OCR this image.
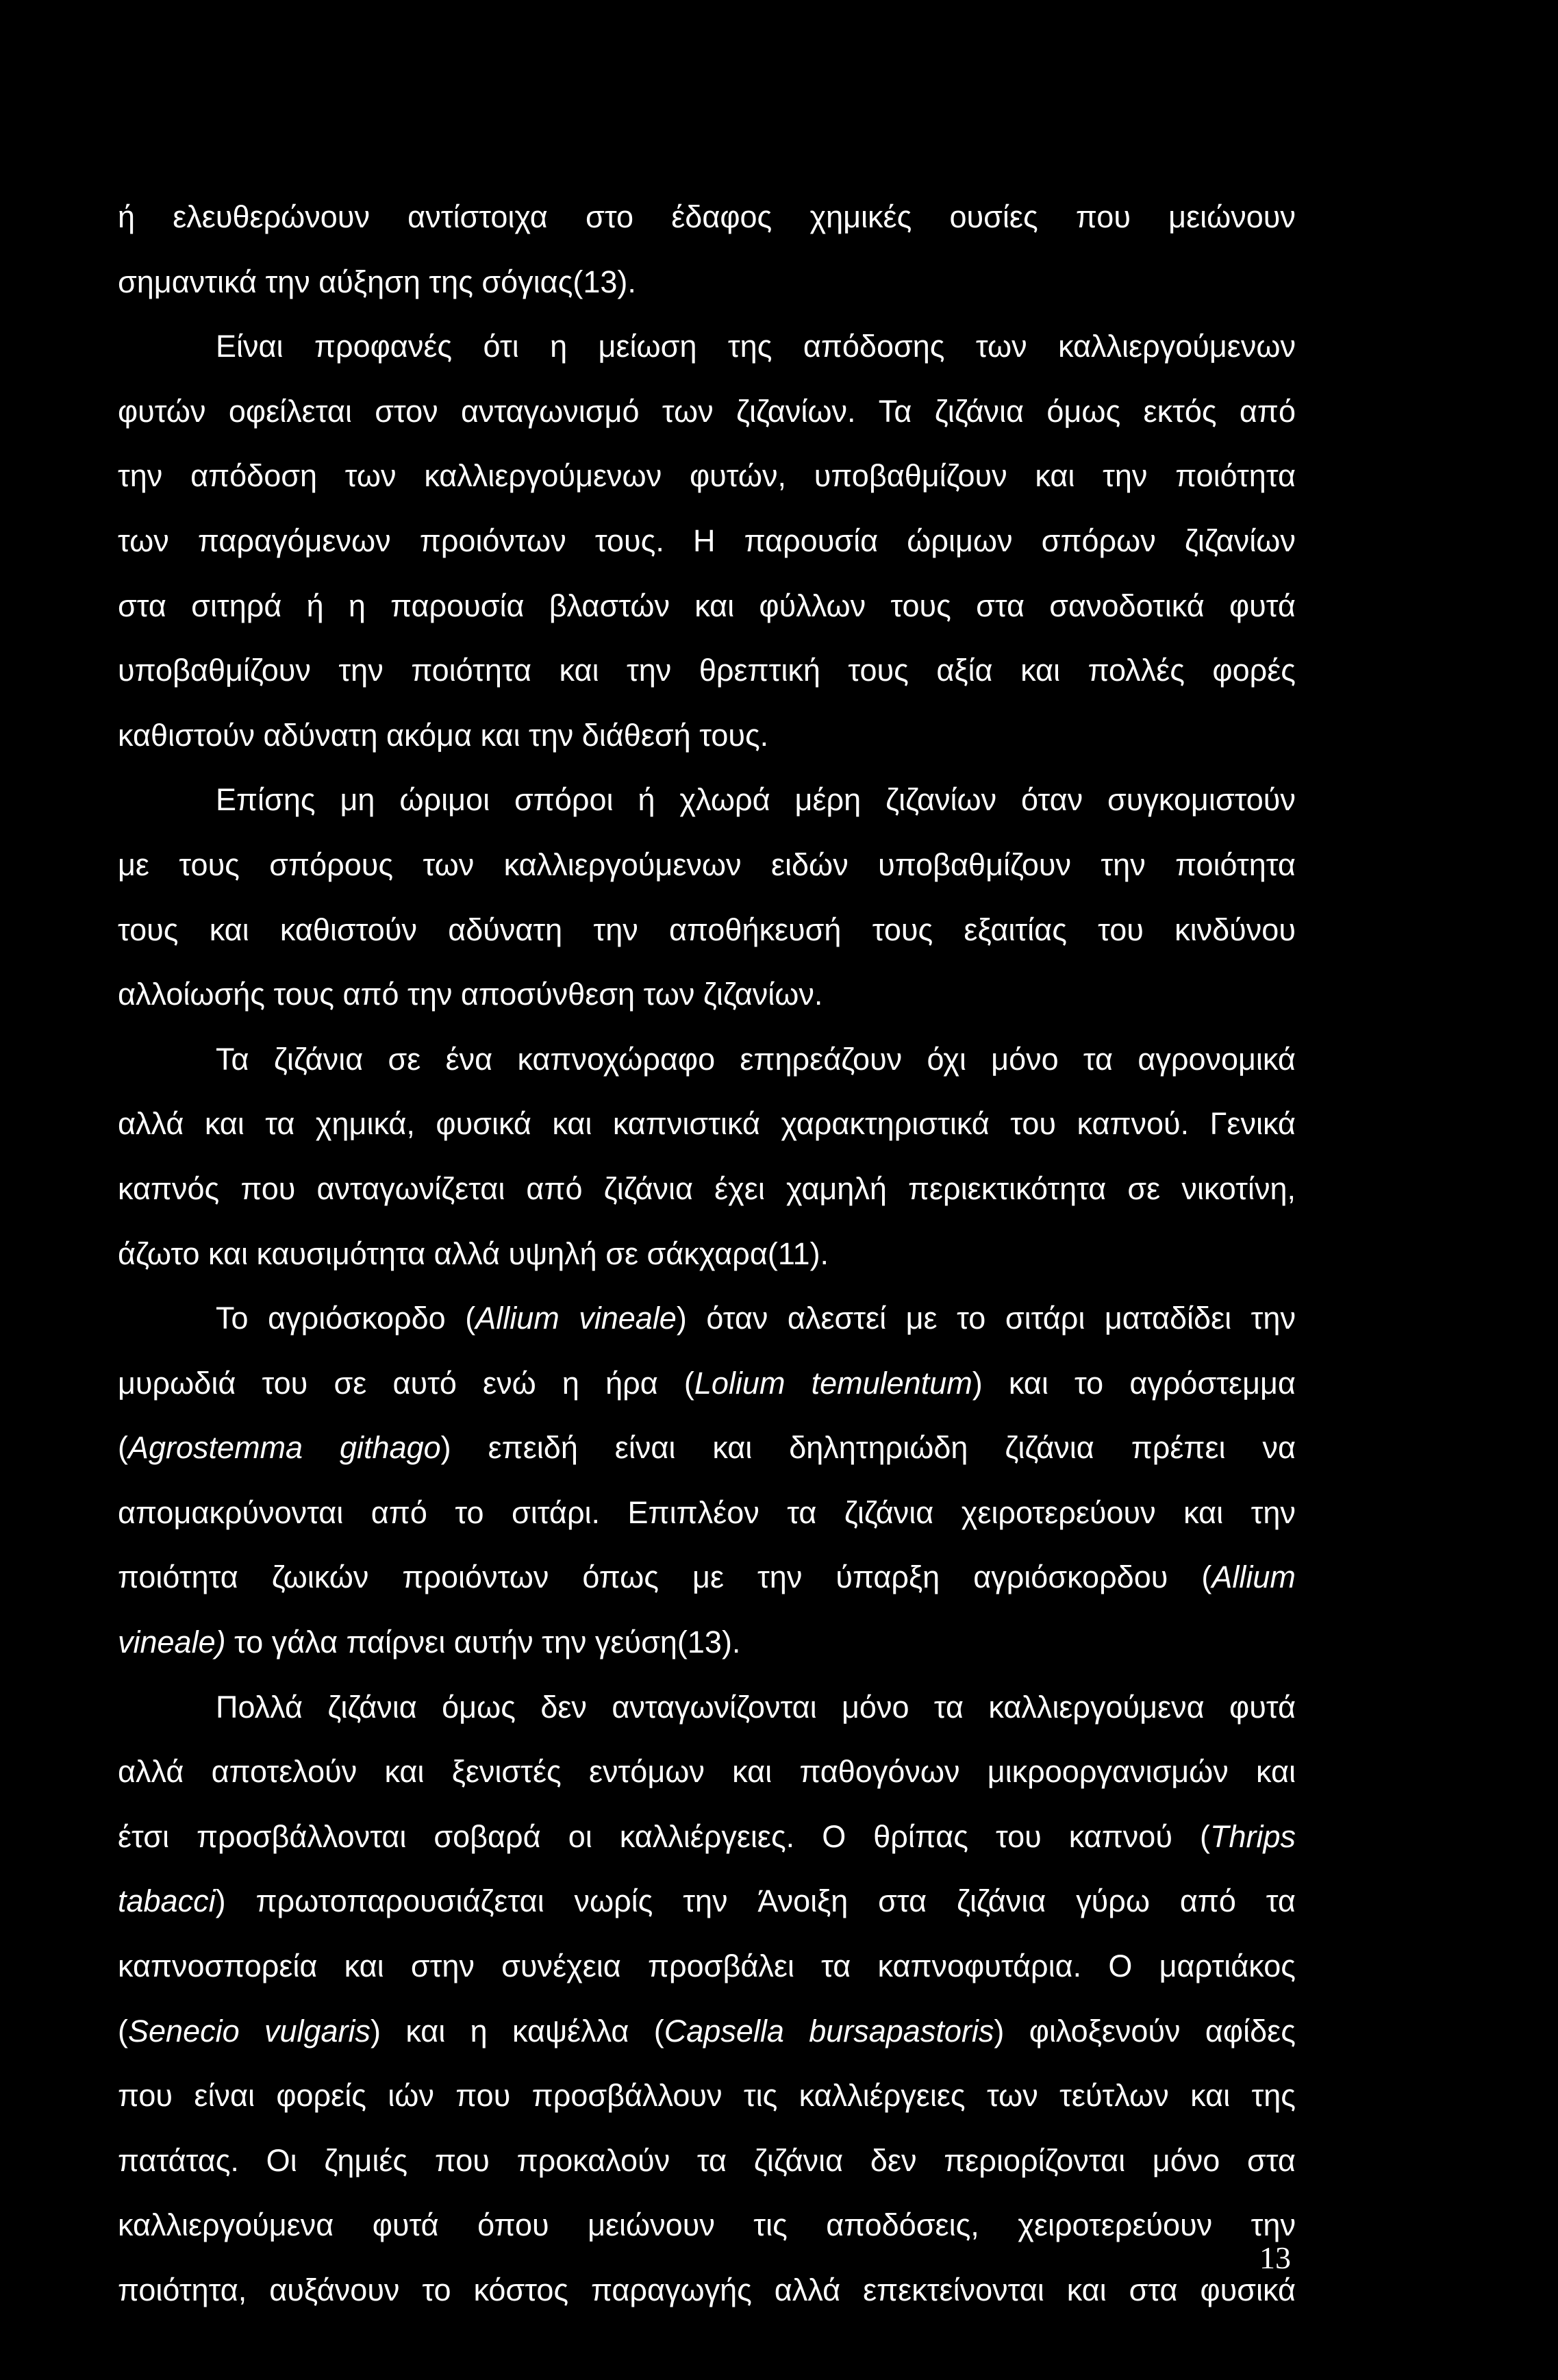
ή ελευθερώνουν αντίστοιχα στο έδαφος χημικές ουσίες που μειώνουν
σημαντικά την αύξηση της σόγιας(13).
Είναι προφανές ότι η μείωση της απόδοσης των καλλιεργούμενων
φυτών οφείλεται στον ανταγωνισμό των ζιζανίων. Τα ζιζάνια όμως εκτός από
την απόδοση των καλλιεργούμενων φυτών, υποβαθμίζουν και την ποιότητα
των παραγόμενων προιόντων τους. Η παρουσία ώριμων σπόρων ζιζανίων
στα σιτηρά ή η παρουσία βλαστών και φύλλων τους στα σανοδοτικά φυτά
υποβαθμίζουν την ποιότητα και την θρεπτική τους αξία και πολλές φορές
καθιστούν αδύνατη ακόμα και την διάθεσή τους.
Επίσης μη ώριμοι σπόροι ή χλωρά μέρη ζιζανίων όταν συγκομιστούν
με τους σπόρους των καλλιεργούμενων ειδών υποβαθμίζουν την ποιότητα
τους και καθιστούν αδύνατη την αποθήκευσή τους εξαιτίας του κινδύνου
αλλοίωσής τους από την αποσύνθεση των ζιζανίων.
Τα ζιζάνια σε ένα καπνοχώραφο επηρεάζουν όχι μόνο τα αγρονομικά
αλλά και τα χημικά, φυσικά και καπνιστικά χαρακτηριστικά του καπνού. Γενικά
καπνός που ανταγωνίζεται από ζιζάνια έχει χαμηλή περιεκτικότητα σε νικοτίνη,
άζωτο και καυσιμότητα αλλά υψηλή σε σάκχαρα(11).
Το αγριόσκορδο (Allium vineale) όταν αλεστεί με το σιτάρι ματαδίδει την
μυρωδιά του σε αυτό ενώ η ήρα (Lolium temulentum) και το αγρόστεμμα
(Agrostemma githago) επειδή είναι και δηλητηριώδη ζιζάνια πρέπει να
απομακρύνονται από το σιτάρι. Επιπλέον τα ζιζάνια χειροτερεύουν και την
ποιότητα ζωικών προιόντων όπως με την ύπαρξη αγριόσκορδου (Allium
vineale) το γάλα παίρνει αυτήν την γεύση(13).
Πολλά ζιζάνια όμως δεν ανταγωνίζονται μόνο τα καλλιεργούμενα φυτά
αλλά αποτελούν και ξενιστές εντόμων και παθογόνων μικροοργανισμών και
έτσι προσβάλλονται σοβαρά οι καλλιέργειες. Ο θρίπας του καπνού (Thrips
tabacci) πρωτοπαρουσιάζεται νωρίς την Άνοιξη στα ζιζάνια γύρω από τα
καπνοσπορεία και στην συνέχεια προσβάλει τα καπνοφυτάρια. Ο μαρτιάκος
(Senecio vulgaris) και η καψέλλα (Capsella bursapastoris) φιλοξενούν αφίδες
που είναι φορείς ιών που προσβάλλουν τις καλλιέργειες των τεύτλων και της
πατάτας. Οι ζημιές που προκαλούν τα ζιζάνια δεν περιορίζονται μόνο στα
καλλιεργούμενα φυτά όπου μειώνουν τις αποδόσεις, χειροτερεύουν την
ποιότητα, αυξάνουν το κόστος παραγωγής αλλά επεκτείνονται και στα φυσικά
13
